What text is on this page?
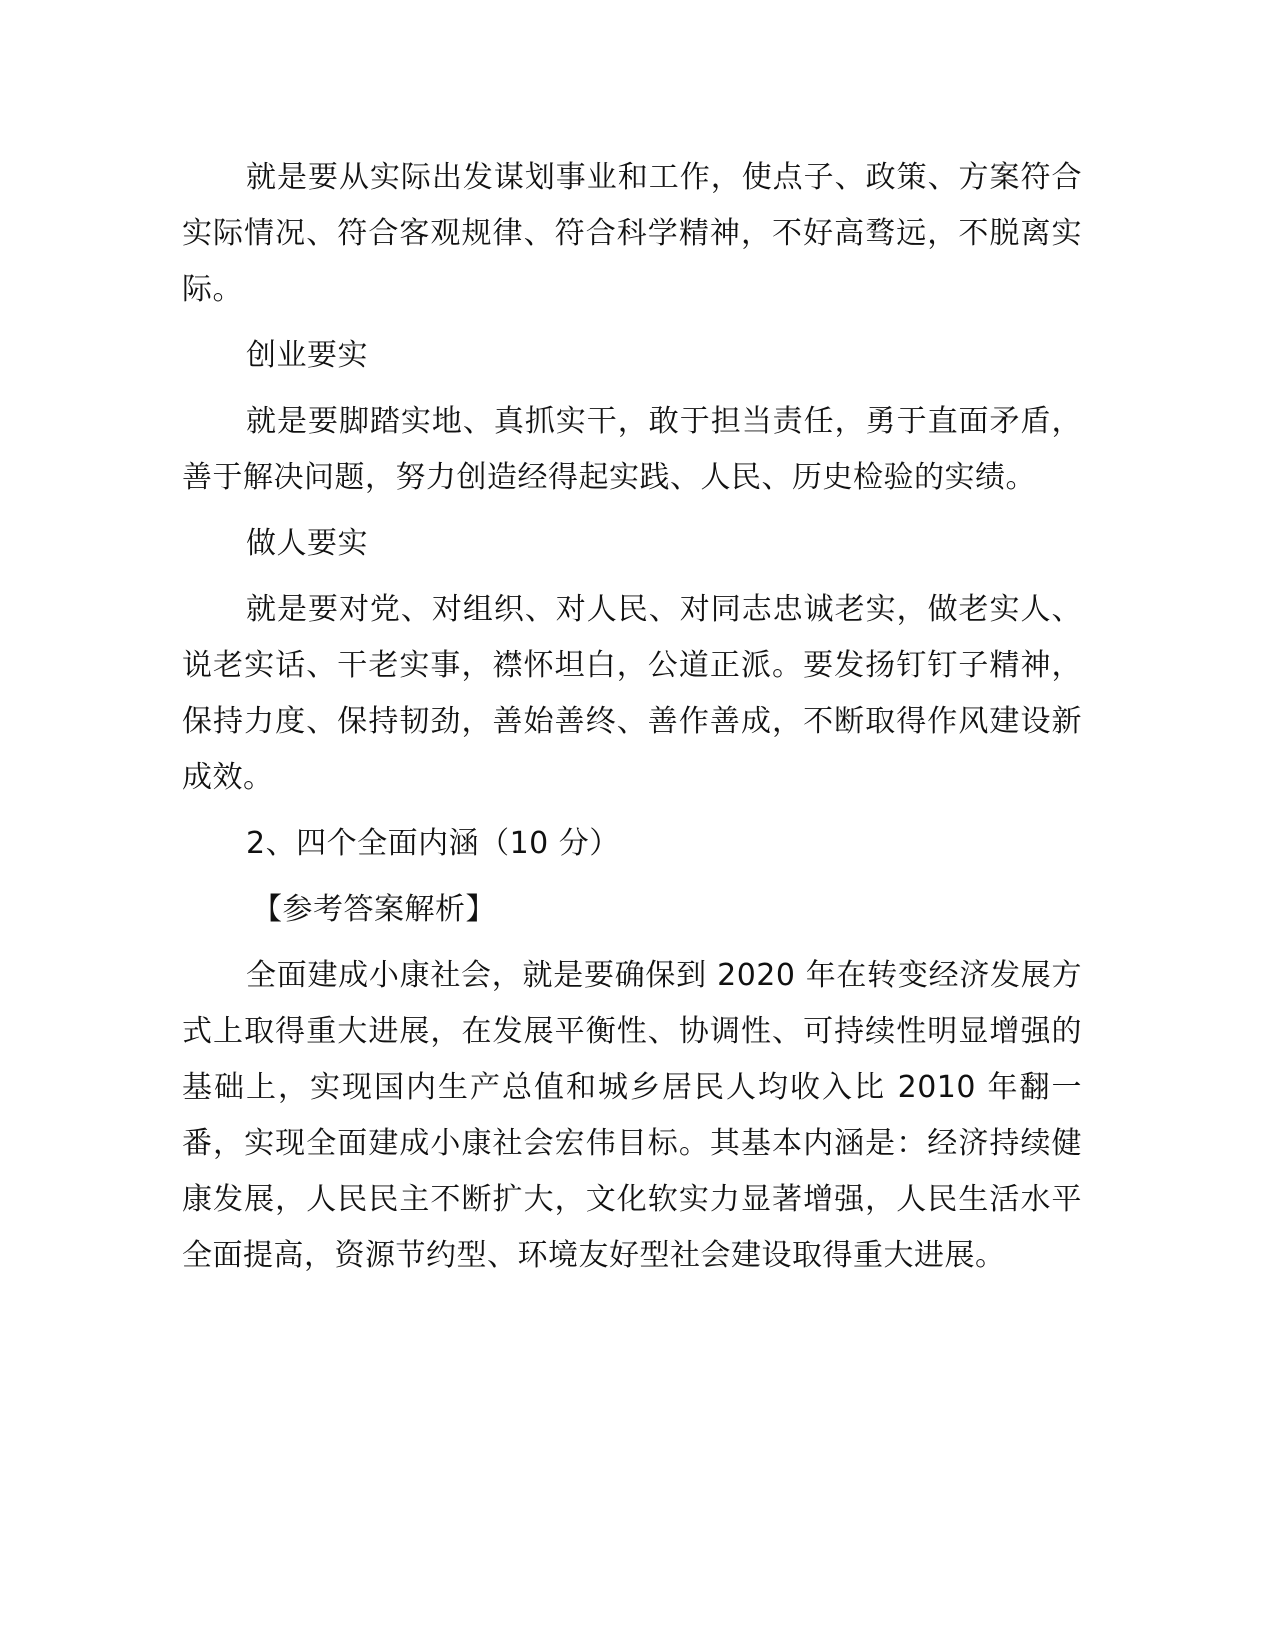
就是要从实际出发谋划事业和工作，使点子、政策、方案符合实际情况、符合客观规律、符合科学精神，不好高骛远，不脱离实际。

创业要实

就是要脚踏实地、真抓实干，敢于担当责任，勇于直面矛盾，善于解决问题，努力创造经得起实践、人民、历史检验的实绩。

做人要实

就是要对党、对组织、对人民、对同志忠诚老实，做老实人、说老实话、干老实事，襟怀坦白，公道正派。要发扬钉钉子精神，保持力度、保持韧劲，善始善终、善作善成，不断取得作风建设新成效。

2、四个全面内涵（10 分）

【参考答案解析】

全面建成小康社会，就是要确保到 2020 年在转变经济发展方式上取得重大进展，在发展平衡性、协调性、可持续性明显增强的基础上，实现国内生产总值和城乡居民人均收入比 2010 年翻一番，实现全面建成小康社会宏伟目标。其基本内涵是：经济持续健康发展，人民民主不断扩大，文化软实力显著增强，人民生活水平全面提高，资源节约型、环境友好型社会建设取得重大进展。
